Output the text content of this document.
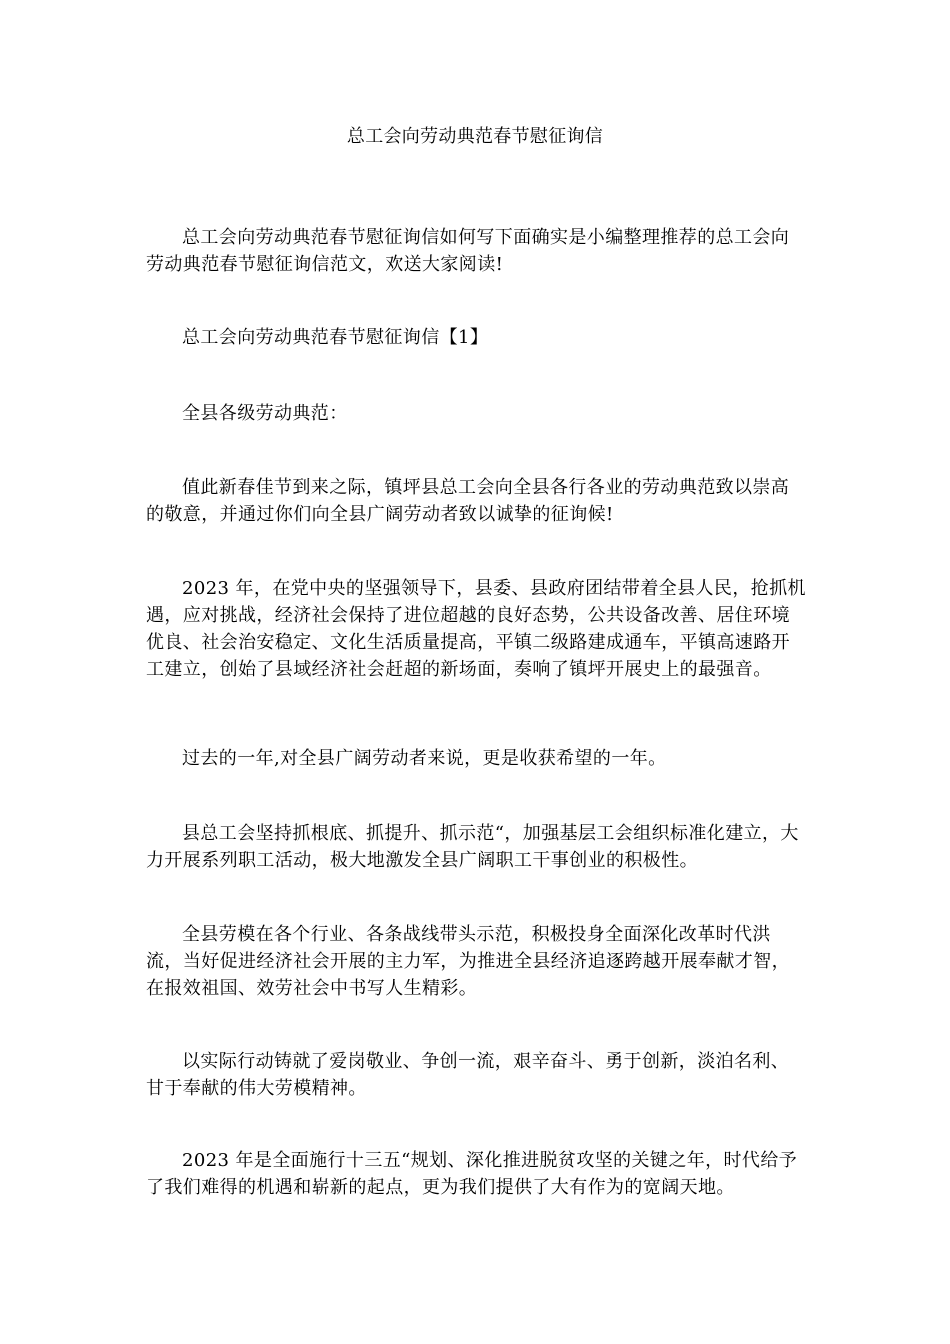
总工会向劳动典范春节慰征询信

总工会向劳动典范春节慰征询信如何写下面确实是小编整理推荐的总工会向劳动典范春节慰征询信范文，欢送大家阅读!

总工会向劳动典范春节慰征询信【1】

全县各级劳动典范：

值此新春佳节到来之际，镇坪县总工会向全县各行各业的劳动典范致以崇高的敬意，并通过你们向全县广阔劳动者致以诚挚的征询候!

2023 年，在党中央的坚强领导下，县委、县政府团结带着全县人民，抢抓机遇，应对挑战，经济社会保持了进位超越的良好态势，公共设备改善、居住环境优良、社会治安稳定、文化生活质量提高，平镇二级路建成通车，平镇高速路开工建立，创始了县域经济社会赶超的新场面，奏响了镇坪开展史上的最强音。

过去的一年,对全县广阔劳动者来说，更是收获希望的一年。

县总工会坚持抓根底、抓提升、抓示范“，加强基层工会组织标准化建立，大力开展系列职工活动，极大地激发全县广阔职工干事创业的积极性。

全县劳模在各个行业、各条战线带头示范，积极投身全面深化改革时代洪流，当好促进经济社会开展的主力军，为推进全县经济追逐跨越开展奉献才智，在报效祖国、效劳社会中书写人生精彩。

以实际行动铸就了爱岗敬业、争创一流，艰辛奋斗、勇于创新，淡泊名利、甘于奉献的伟大劳模精神。

2023 年是全面施行十三五“规划、深化推进脱贫攻坚的关键之年，时代给予了我们难得的机遇和崭新的起点，更为我们提供了大有作为的宽阔天地。
